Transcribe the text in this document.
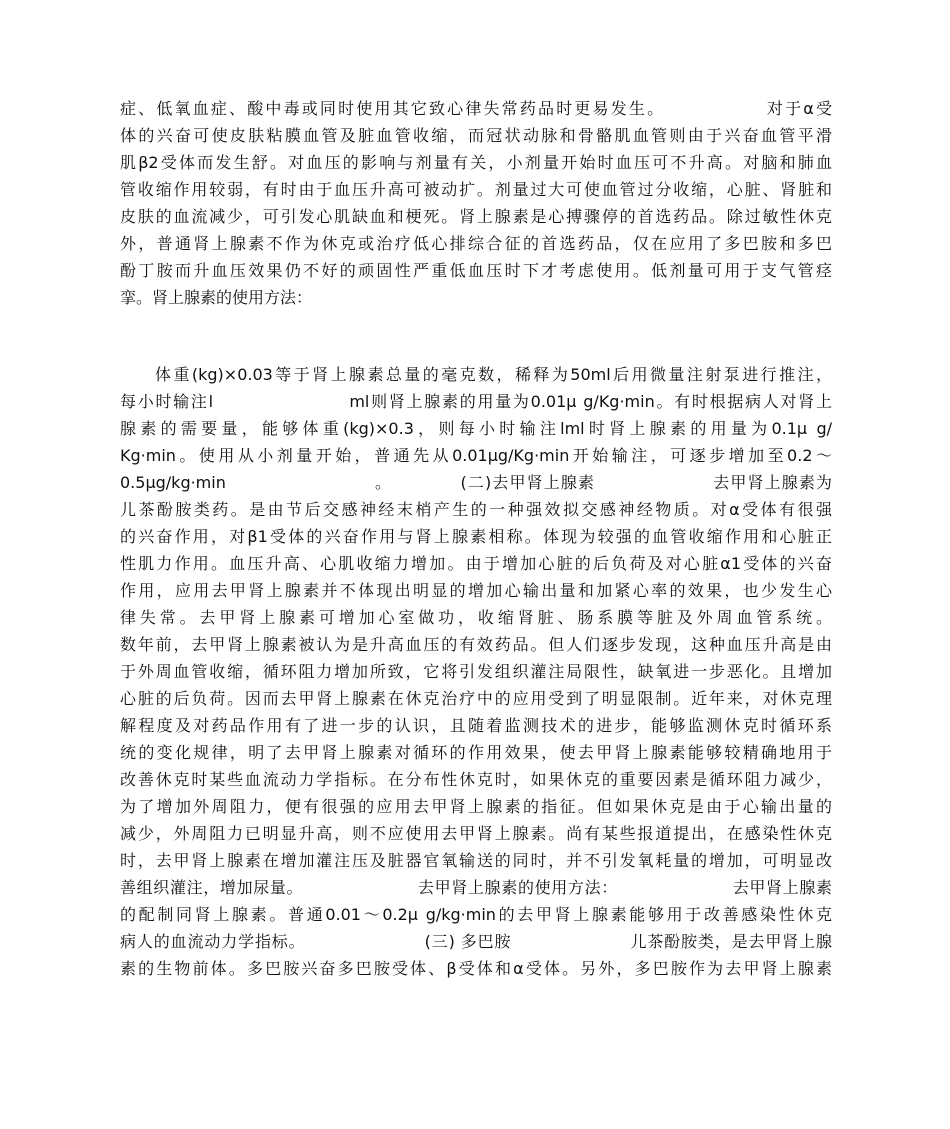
症、低氧血症、酸中毒或同时使用其它致心律失常药品时更易发生。              对于α受
体的兴奋可使皮肤粘膜血管及脏血管收缩，而冠状动脉和骨骼肌血管则由于兴奋血管平滑
肌β2受体而发生舒。对血压的影响与剂量有关，小剂量开始时血压可不升高。对脑和肺血
管收缩作用较弱，有时由于血压升高可被动扩。剂量过大可使血管过分收缩，心脏、肾脏和
皮肤的血流减少，可引发心肌缺血和梗死。肾上腺素是心搏骤停的首选药品。除过敏性休克
外，普通肾上腺素不作为休克或治疗低心排综合征的首选药品，仅在应用了多巴胺和多巴
酚丁胺而升血压效果仍不好的顽固性严重低血压时下才考虑使用。低剂量可用于支气管痉
挛。肾上腺素的使用方法：
体重(kg)×0.03等于肾上腺素总量的毫克数，稀释为50ml后用微量注射泵进行推注，
每小时输注l                    ml则肾上腺素的用量为0.01μ g/Kg·min。有时根据病人对肾上
腺素的需要量，能够体重(kg)×0.3，则每小时输注lml时肾上腺素的用量为0.1μ g/
Kg·min。使用从小剂量开始，普通先从0.01μg/Kg·min开始输注，可逐步增加至0.2～
0.5μg/kg·min                        。           (二)去甲肾上腺素                   去甲肾上腺素为
儿茶酚胺类药。是由节后交感神经末梢产生的一种强效拟交感神经物质。对α受体有很强
的兴奋作用，对β1受体的兴奋作用与肾上腺素相称。体现为较强的血管收缩作用和心脏正
性肌力作用。血压升高、心肌收缩力增加。由于增加心脏的后负荷及对心脏α1受体的兴奋
作用，应用去甲肾上腺素并不体现出明显的增加心输出量和加紧心率的效果，也少发生心
律失常。去甲肾上腺素可增加心室做功，收缩肾脏、肠系膜等脏及外周血管系统。
数年前，去甲肾上腺素被认为是升高血压的有效药品。但人们逐步发现，这种血压升高是由
于外周血管收缩，循环阻力增加所致，它将引发组织灌注局限性，缺氧进一步恶化。且增加
心脏的后负荷。因而去甲肾上腺素在休克治疗中的应用受到了明显限制。近年来，对休克理
解程度及对药品作用有了进一步的认识，且随着监测技术的进步，能够监测休克时循环系
统的变化规律，明了去甲肾上腺素对循环的作用效果，使去甲肾上腺素能够较精确地用于
改善休克时某些血流动力学指标。在分布性休克时，如果休克的重要因素是循环阻力减少，
为了增加外周阻力，便有很强的应用去甲肾上腺素的指征。但如果休克是由于心输出量的
减少，外周阻力已明显升高，则不应使用去甲肾上腺素。尚有某些报道提出，在感染性休克
时，去甲肾上腺素在增加灌注压及脏器官氧输送的同时，并不引发氧耗量的增加，可明显改
善组织灌注，增加尿量。                    去甲肾上腺素的使用方法：                    去甲肾上腺素
的配制同肾上腺素。普通0.01～0.2μ g/kg·min的去甲肾上腺素能够用于改善感染性休克
病人的血流动力学指标。                    (三) 多巴胺                    儿茶酚胺类，是去甲肾上腺
素的生物前体。多巴胺兴奋多巴胺受体、β受体和α受体。另外，多巴胺作为去甲肾上腺素
